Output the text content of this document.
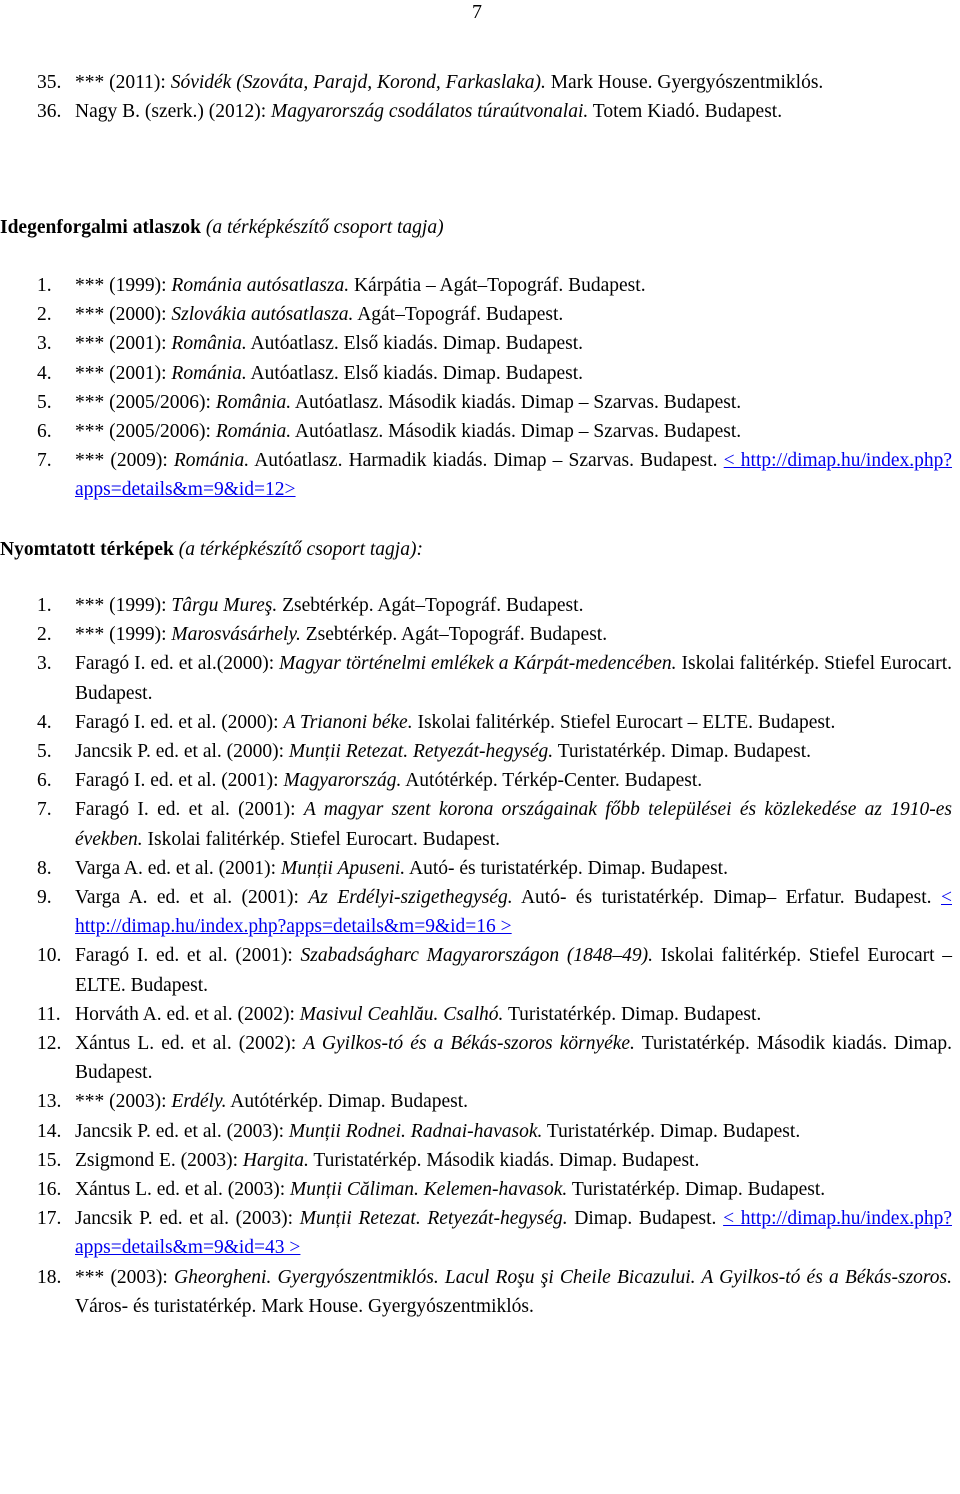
7
35. *** (2011): Sóvidék (Szováta, Parajd, Korond, Farkaslaka). Mark House. Gyergyószentmiklós.
36. Nagy B. (szerk.) (2012): Magyarország csodálatos túraútvonalai. Totem Kiadó. Budapest.
Idegenforgalmi atlaszok (a térképkészítő csoport tagja)
1. *** (1999): Románia autósatlasza. Kárpátia – Agát–Topográf. Budapest.
2. *** (2000): Szlovákia autósatlasza. Agát–Topográf. Budapest.
3. *** (2001): România. Autóatlasz. Első kiadás. Dimap. Budapest.
4. *** (2001): Románia. Autóatlasz. Első kiadás. Dimap. Budapest.
5. *** (2005/2006): România. Autóatlasz. Második kiadás. Dimap – Szarvas. Budapest.
6. *** (2005/2006): Románia. Autóatlasz. Második kiadás. Dimap – Szarvas. Budapest.
7. *** (2009): Románia. Autóatlasz. Harmadik kiadás. Dimap – Szarvas. Budapest. < http://dimap.hu/index.php?apps=details&m=9&id=12>
Nyomtatott térképek (a térképkészítő csoport tagja):
1. *** (1999): Târgu Mureş. Zsebtérkép. Agát–Topográf. Budapest.
2. *** (1999): Marosvásárhely. Zsebtérkép. Agát–Topográf. Budapest.
3. Faragó I. ed. et al.(2000): Magyar történelmi emlékek a Kárpát-medencében. Iskolai falitérkép. Stiefel Eurocart. Budapest.
4. Faragó I. ed. et al. (2000): A Trianoni béke. Iskolai falitérkép. Stiefel Eurocart – ELTE. Budapest.
5. Jancsik P. ed. et al. (2000): Munții Retezat. Retyezát-hegység. Turistatérkép. Dimap. Budapest.
6. Faragó I. ed. et al. (2001): Magyarország. Autótérkép. Térkép-Center. Budapest.
7. Faragó I. ed. et al. (2001): A magyar szent korona országainak főbb települései és közlekedése az 1910-es években. Iskolai falitérkép. Stiefel Eurocart. Budapest.
8. Varga A. ed. et al. (2001): Munții Apuseni. Autó- és turistatérkép. Dimap. Budapest.
9. Varga A. ed. et al. (2001): Az Erdélyi-szigethegység. Autó- és turistatérkép. Dimap– Erfatur. Budapest. < http://dimap.hu/index.php?apps=details&m=9&id=16 >
10. Faragó I. ed. et al. (2001): Szabadságharc Magyarországon (1848–49). Iskolai falitérkép. Stiefel Eurocart – ELTE. Budapest.
11. Horváth A. ed. et al. (2002): Masivul Ceahlău. Csalhó. Turistatérkép. Dimap. Budapest.
12. Xántus L. ed. et al. (2002): A Gyilkos-tó és a Békás-szoros környéke. Turistatérkép. Második kiadás. Dimap. Budapest.
13. *** (2003): Erdély. Autótérkép. Dimap. Budapest.
14. Jancsik P. ed. et al. (2003): Munții Rodnei. Radnai-havasok. Turistatérkép. Dimap. Budapest.
15. Zsigmond E. (2003): Hargita. Turistatérkép. Második kiadás. Dimap. Budapest.
16. Xántus L. ed. et al. (2003): Munții Căliman. Kelemen-havasok. Turistatérkép. Dimap. Budapest.
17. Jancsik P. ed. et al. (2003): Munții Retezat. Retyezát-hegység. Dimap. Budapest. < http://dimap.hu/index.php?apps=details&m=9&id=43 >
18. *** (2003): Gheorgheni. Gyergyószentmiklós. Lacul Roşu şi Cheile Bicazului. A Gyilkos-tó és a Békás-szoros. Város- és turistatérkép. Mark House. Gyergyószentmiklós.
